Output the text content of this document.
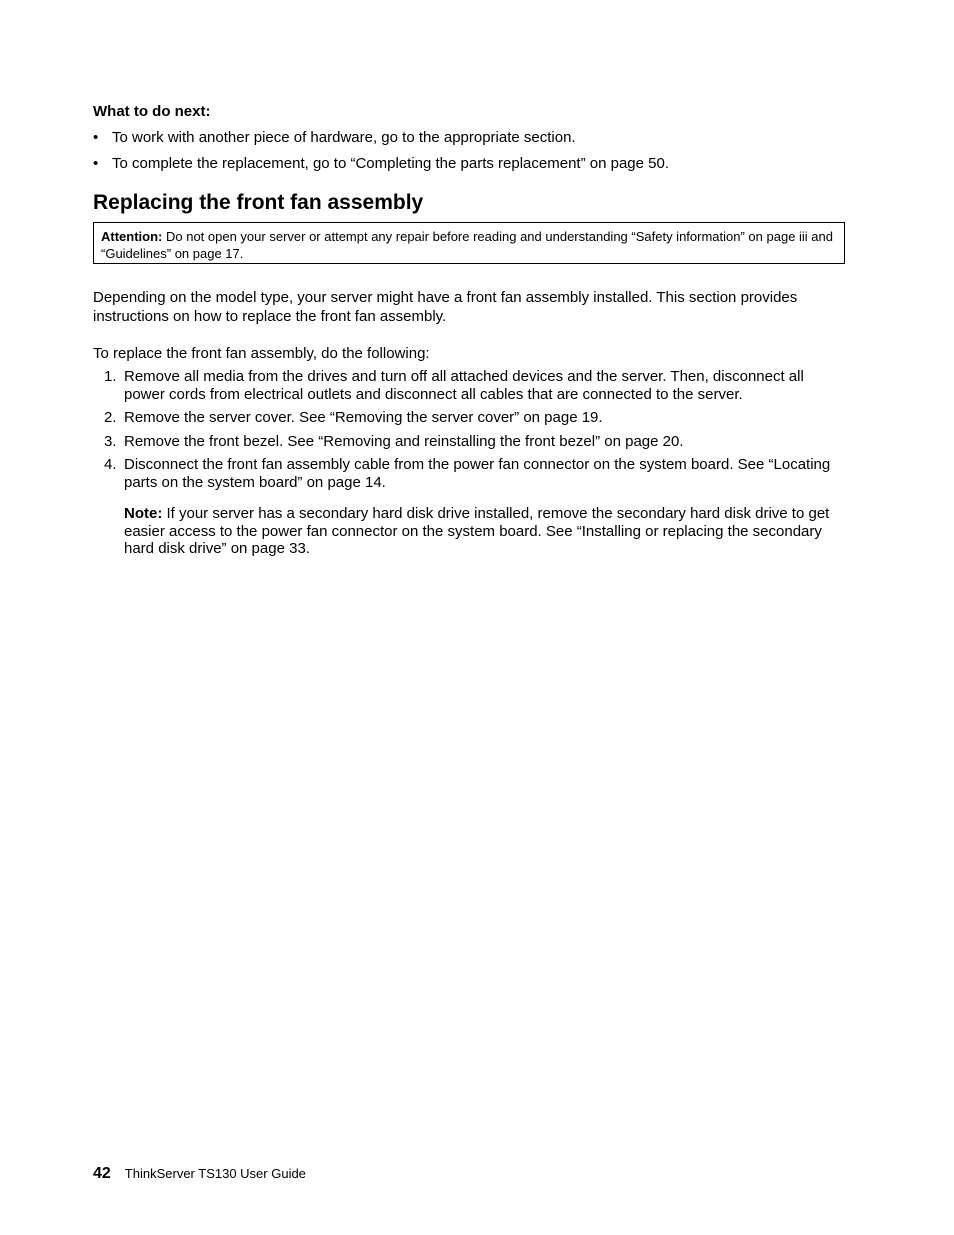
What to do next:
• To work with another piece of hardware, go to the appropriate section.
• To complete the replacement, go to “Completing the parts replacement” on page 50.
Replacing the front fan assembly
Attention: Do not open your server or attempt any repair before reading and understanding “Safety information” on page iii and “Guidelines” on page 17.
Depending on the model type, your server might have a front fan assembly installed. This section provides instructions on how to replace the front fan assembly.
To replace the front fan assembly, do the following:
1. Remove all media from the drives and turn off all attached devices and the server. Then, disconnect all power cords from electrical outlets and disconnect all cables that are connected to the server.
2. Remove the server cover. See “Removing the server cover” on page 19.
3. Remove the front bezel. See “Removing and reinstalling the front bezel” on page 20.
4. Disconnect the front fan assembly cable from the power fan connector on the system board. See “Locating parts on the system board” on page 14.
Note: If your server has a secondary hard disk drive installed, remove the secondary hard disk drive to get easier access to the power fan connector on the system board. See “Installing or replacing the secondary hard disk drive” on page 33.
42 ThinkServer TS130 User Guide
